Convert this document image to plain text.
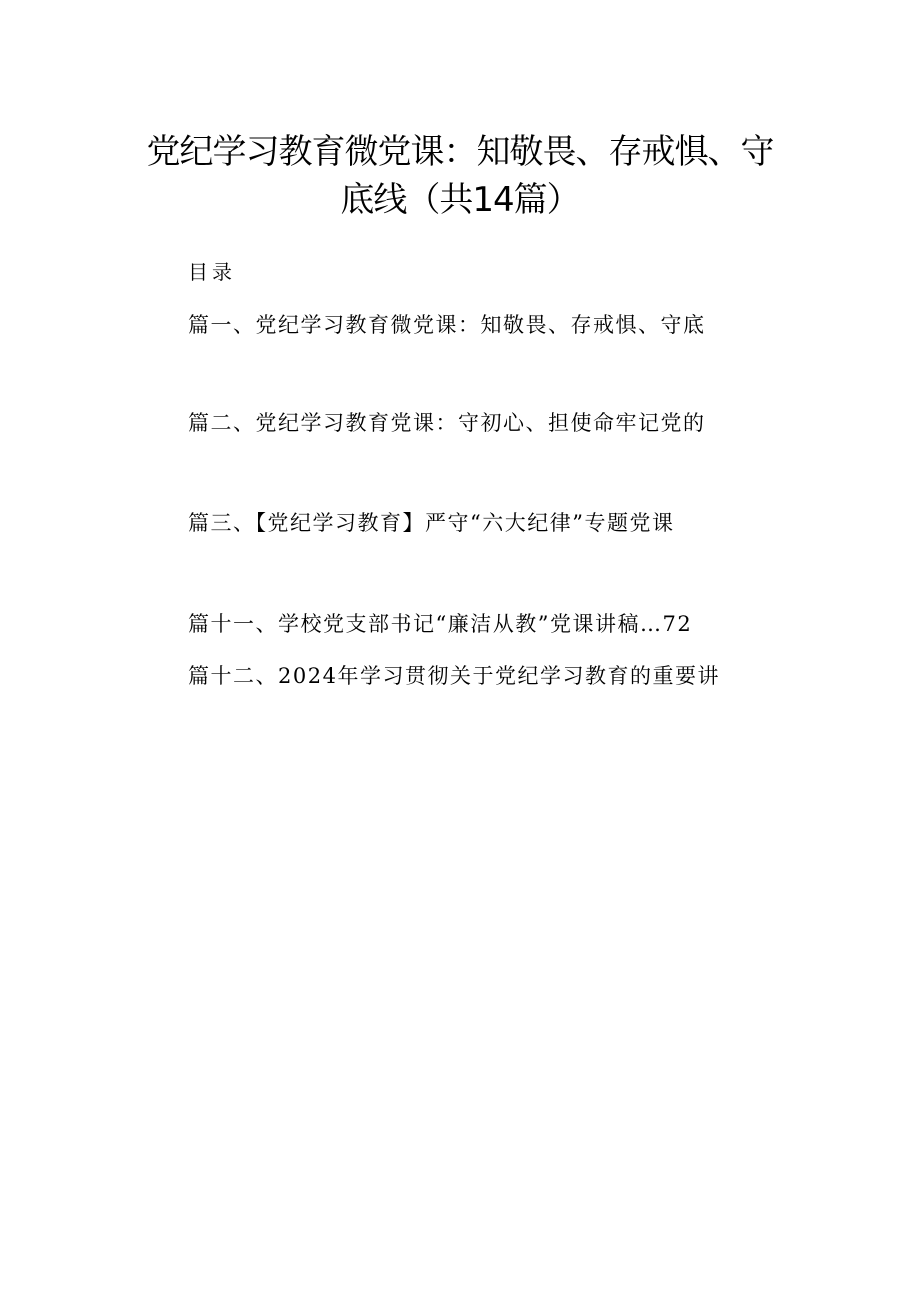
党纪学习教育微党课：知敬畏、存戒惧、守
底线（共14篇）
目录
篇一、党纪学习教育微党课：知敬畏、存戒惧、守底
篇二、党纪学习教育党课：守初心、担使命牢记党的
篇三、【党纪学习教育】严守“六大纪律”专题党课
篇十一、学校党支部书记“廉洁从教”党课讲稿…72
篇十二、2024年学习贯彻关于党纪学习教育的重要讲
